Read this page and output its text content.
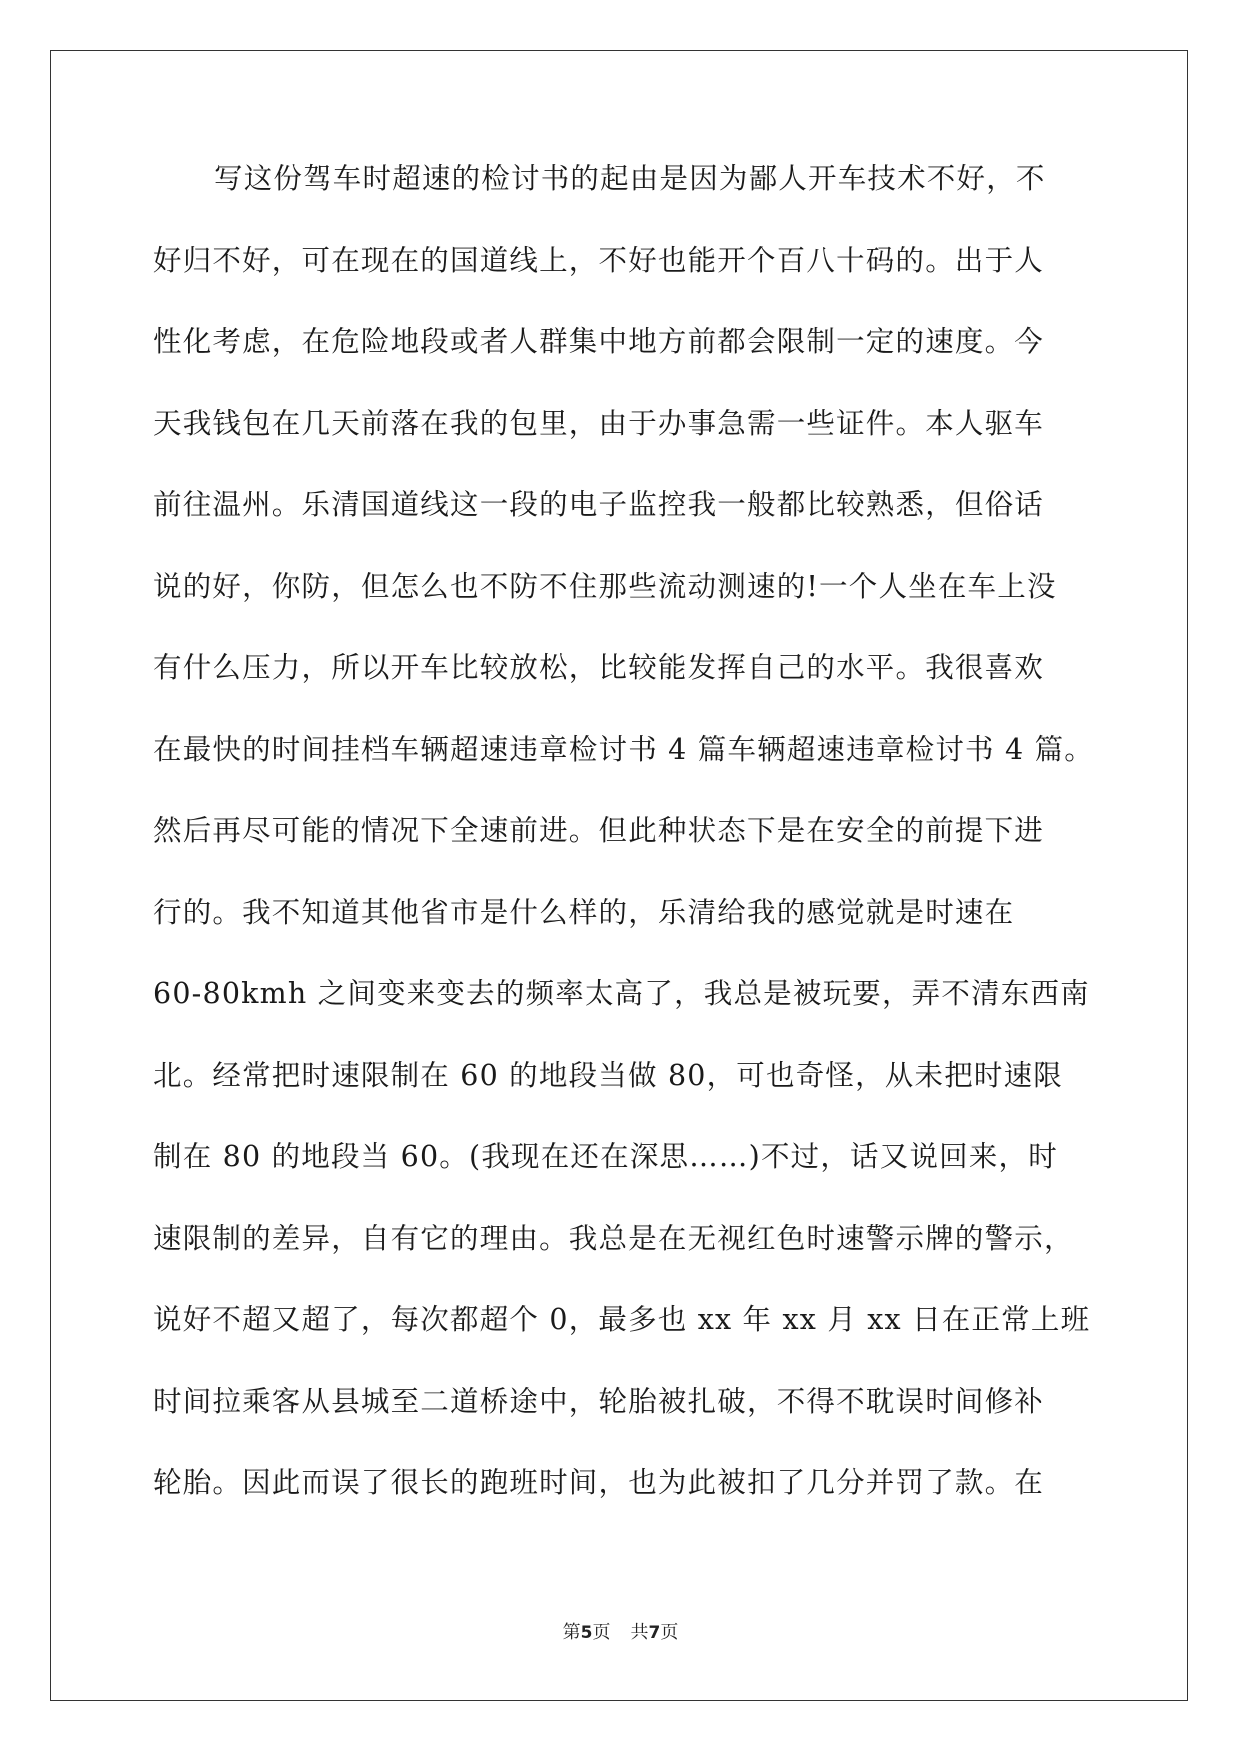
写这份驾车时超速的检讨书的起由是因为鄙人开车技术不好，不
好归不好，可在现在的国道线上，不好也能开个百八十码的。出于人
性化考虑，在危险地段或者人群集中地方前都会限制一定的速度。今
天我钱包在几天前落在我的包里，由于办事急需一些证件。本人驱车
前往温州。乐清国道线这一段的电子监控我一般都比较熟悉，但俗话
说的好，你防，但怎么也不防不住那些流动测速的!一个人坐在车上没
有什么压力，所以开车比较放松，比较能发挥自己的水平。我很喜欢
在最快的时间挂档车辆超速违章检讨书 4 篇车辆超速违章检讨书 4 篇。
然后再尽可能的情况下全速前进。但此种状态下是在安全的前提下进
行的。我不知道其他省市是什么样的，乐清给我的感觉就是时速在
60-80kmh 之间变来变去的频率太高了，我总是被玩要，弄不清东西南
北。经常把时速限制在 60 的地段当做 80，可也奇怪，从未把时速限
制在 80 的地段当 60。(我现在还在深思……)不过，话又说回来，时
速限制的差异，自有它的理由。我总是在无视红色时速警示牌的警示，
说好不超又超了，每次都超个 0，最多也 xx 年 xx 月 xx 日在正常上班
时间拉乘客从县城至二道桥途中，轮胎被扎破，不得不耽误时间修补
轮胎。因此而误了很长的跑班时间，也为此被扣了几分并罚了款。在
第5页 共7页
